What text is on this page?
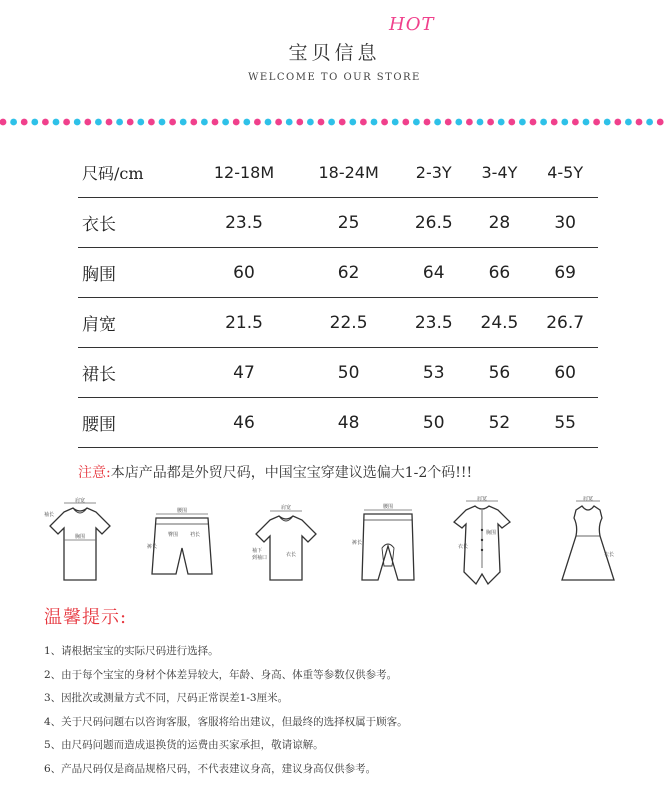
宝贝信息
HOT
WELCOME TO OUR STORE
尺码/cm	12-18M	18-24M	2-3Y	3-4Y	4-5Y
衣长	23.5	25	26.5	28	30
胸围	60	62	64	66	69
肩宽	21.5	22.5	23.5	24.5	26.7
裙长	47	50	53	56	60
腰围	46	48	50	52	55
注意:本店产品都是外贸尺码，中国宝宝穿建议选偏大1-2个码!!!
肩宽
袖长
胸围
腰围
裆长
裤长
臀围
肩宽
袖下
到袖口	衣长
腰围
裤长
肩宽
衣长
胸围
肩宽
衣长
温馨提示:
1、请根据宝宝的实际尺码进行选择。
2、由于每个宝宝的身材个体差异较大，年龄、身高、体重等参数仅供参考。
3、因批次或测量方式不同，尺码正常误差1-3厘米。
4、关于尺码问题右以咨询客服，客服将给出建议，但最终的选择权属于顾客。
5、由尺码问题而造成退换货的运费由买家承担，敬请谅解。
6、产品尺码仅是商品规格尺码，不代表建议身高，建议身高仅供参考。
